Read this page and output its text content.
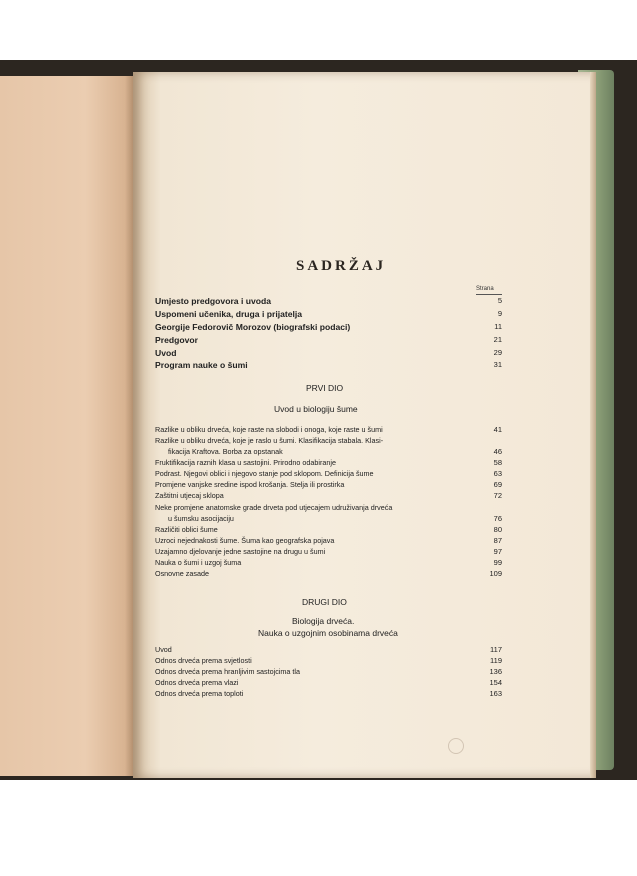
SADRŽAJ
Strana
Umjesto predgovora i uvoda	5
Uspomeni učenika, druga i prijatelja	9
Georgije Fedorovič Morozov (biografski podaci)	11
Predgovor	21
Uvod	29
Program nauke o šumi	31
PRVI DIO
Uvod u biologiju šume
Razlike u obliku drveća, koje raste na slobodi i onoga, koje raste u šumi	41
Razlike u obliku drveća, koje je raslo u šumi. Klasifikacija stabala. Klasi-
fikacija Kraftova. Borba za opstanak	46
Fruktifikacija raznih klasa u sastojini. Prirodno odabiranje	58
Podrast. Njegovi oblici i njegovo stanje pod sklopom. Definicija šume	63
Promjene vanjske sredine ispod krošanja. Stelja ili prostirka	69
Zaštitni utjecaj sklopa	72
Neke promjene anatomske grade drveta pod utjecajem udruživanja drveća
u šumsku asocijaciju	76
Različiti oblici šume	80
Uzroci nejednakosti šume. Šuma kao geografska pojava	87
Uzajamno djelovanje jedne sastojine na drugu u šumi	97
Nauka o šumi i uzgoj šuma	99
Osnovne zasade	109
DRUGI DIO
Biologija drveća.
Nauka o uzgojnim osobinama drveća
Uvod	117
Odnos drveća prema svjetlosti	119
Odnos drveća prema hranljivim sastojcima tla	136
Odnos drveća prema vlazi	154
Odnos drveća prema toploti	163
